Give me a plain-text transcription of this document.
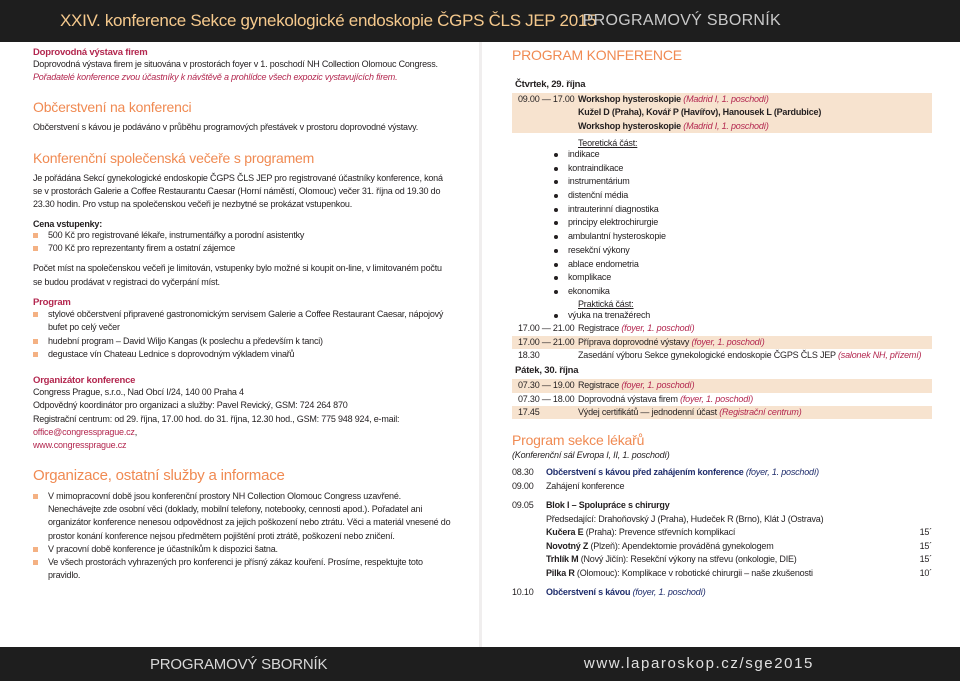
XXIV. konference Sekce gynekologické endoskopie ČGPS ČLS JEP 2015
PROGRAMOVÝ SBORNÍK
Doprovodná výstava firem
Doprovodná výstava firem je situována v prostorách foyer v 1. poschodí NH Collection Olomouc Congress.
Pořadatelé konference zvou účastníky k návštěvě a prohlídce všech expozic vystavujících firem.
Občerstvení na konferenci
Občerstvení s kávou je podáváno v průběhu programových přestávek v prostoru doprovodné výstavy.
Konferenční společenská večeře s programem
Je pořádána Sekcí gynekologické endoskopie ČGPS ČLS JEP pro registrované účastníky konference, koná se v prostorách Galerie a Coffee Restaurantu Caesar (Horní náměstí, Olomouc) večer 31. října od 19.30 do 23.30 hodin. Pro vstup na společenskou večeři je nezbytné se prokázat vstupenkou.
Cena vstupenky:
500 Kč pro registrované lékaře, instrumentářky a porodní asistentky
700 Kč pro reprezentanty firem a ostatní zájemce
Počet míst na společenskou večeři je limitován, vstupenky bylo možné si koupit on-line, v limitovaném počtu se budou prodávat v registraci do vyčerpání míst.
Program
stylové občerstvení připravené gastronomickým servisem Galerie a Coffee Restaurant Caesar, nápojový bufet po celý večer
hudební program – David Wiljo Kangas (k poslechu a především k tanci)
degustace vín Chateau Lednice s doprovodným výkladem vinařů
Organizátor konference
Congress Prague, s.r.o., Nad Obcí I/24, 140 00 Praha 4
Odpovědný koordinátor pro organizaci a služby: Pavel Revický, GSM: 724 264 870
Registrační centrum: od 29. října, 17.00 hod. do 31. října, 12.30 hod., GSM: 775 948 924, e-mail: office@congressprague.cz,
www.congressprague.cz
Organizace, ostatní služby a informace
V mimopracovní době jsou konferenční prostory NH Collection Olomouc Congress uzavřené. Nenechávejte zde osobní věci (doklady, mobilní telefony, notebooky, cennosti apod.). Pořadatel ani organizátor konference nenesou odpovědnost za jejich poškození nebo ztrátu. Věci a materiál vnesené do prostor konání konference nejsou předmětem pojištění proti ztrátě, poškození nebo zničení.
V pracovní době konference je účastníkům k dispozici šatna.
Ve všech prostorách vyhrazených pro konferenci je přísný zákaz kouření. Prosíme, respektujte toto pravidlo.
PROGRAM KONFERENCE
Čtvrtek, 29. října
09.00 — 17.00 Workshop hysteroskopie (Madrid I, 1. poschodí)
Kužel D (Praha), Kovář P (Havířov), Hanousek L (Pardubice)
Workshop hysteroskopie (Madrid I, 1. poschodí)
Teoretická část:
indikace
kontraindikace
instrumentárium
distenční média
intrauterinní diagnostika
principy elektrochirurgie
ambulantní hysteroskopie
resekční výkony
ablace endometria
komplikace
ekonomika
Praktická část:
výuka na trenažérech
17.00 — 21.00 Registrace (foyer, 1. poschodí)
17.00 — 21.00 Příprava doprovodné výstavy (foyer, 1. poschodí)
18.30	Zasedání výboru Sekce gynekologické endoskopie ČGPS ČLS JEP (salonek NH, přízemí)
Pátek, 30. října
07.30 — 19.00 Registrace (foyer, 1. poschodí)
07.30 — 18.00 Doprovodná výstava firem (foyer, 1. poschodí)
17.45	Výdej certifikátů — jednodenní účast (Registrační centrum)
Program sekce lékařů
(Konferenční sál Evropa I, II, 1. poschodí)
08.30	Občerstvení s kávou před zahájením konference (foyer, 1. poschodí)
09.00	Zahájení konference
09.05	Blok I – Spolupráce s chirurgy
Předsedající: Drahoňovský J (Praha), Hudeček R (Brno), Klát J (Ostrava)
Kučera E (Praha): Prevence střevních komplikací	15´
Novotný Z (Plzeň): Apendektomie prováděná gynekologem	15´
Trhlík M (Nový Jičín): Resekční výkony na střevu (onkologie, DIE)	15´
Pilka R (Olomouc): Komplikace v robotické chirurgii – naše zkušenosti	10´
10.10	Občerstvení s kávou (foyer, 1. poschodí)
PROGRAMOVÝ SBORNÍK	www.laparoskop.cz/sge2015
